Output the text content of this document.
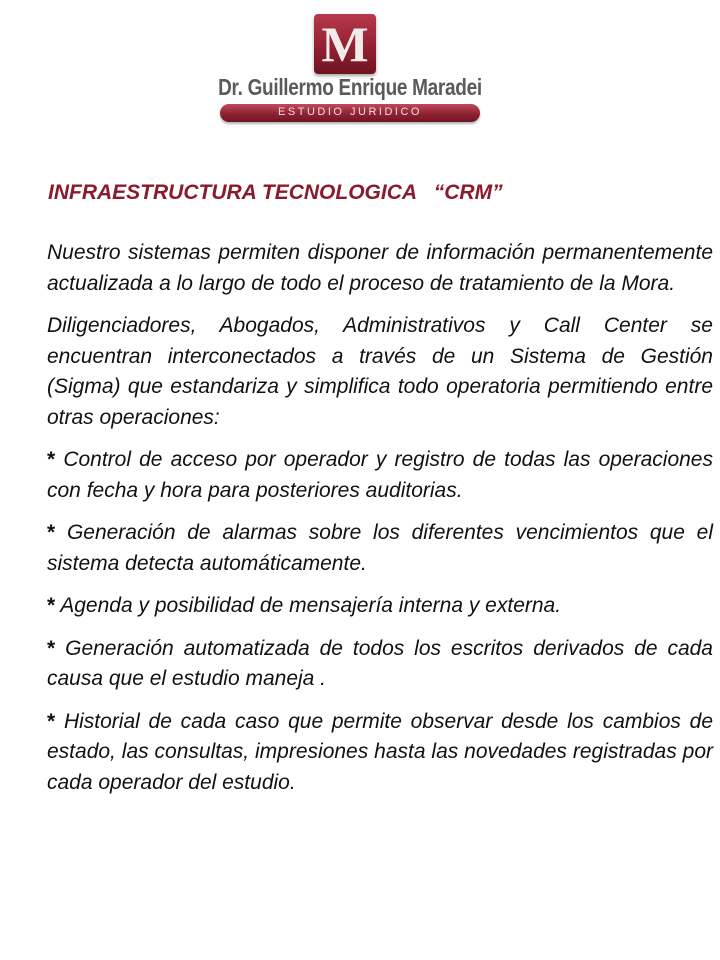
M
Dr. Guillermo Enrique Maradei
ESTUDIO JURIDICO
INFRAESTRUCTURA TECNOLOGICA   “CRM”

Nuestro sistemas permiten disponer de información permanentemente actualizada a lo largo de todo el proceso de tratamiento de la Mora.

Diligenciadores, Abogados, Administrativos y Call Center se encuentran interconectados a través de un Sistema de Gestión (Sigma) que estandariza y simplifica todo operatoria permitiendo entre otras operaciones:

* Control de acceso por operador y registro de todas las operaciones con fecha y hora para posteriores auditorias.

* Generación de alarmas sobre los diferentes vencimientos que el sistema detecta automáticamente.

* Agenda y posibilidad de mensajería interna y externa.

* Generación automatizada de todos los escritos derivados de cada causa que el estudio maneja .

* Historial de cada caso que permite observar desde los cambios de estado, las consultas, impresiones hasta las novedades registradas por cada operador del estudio.
